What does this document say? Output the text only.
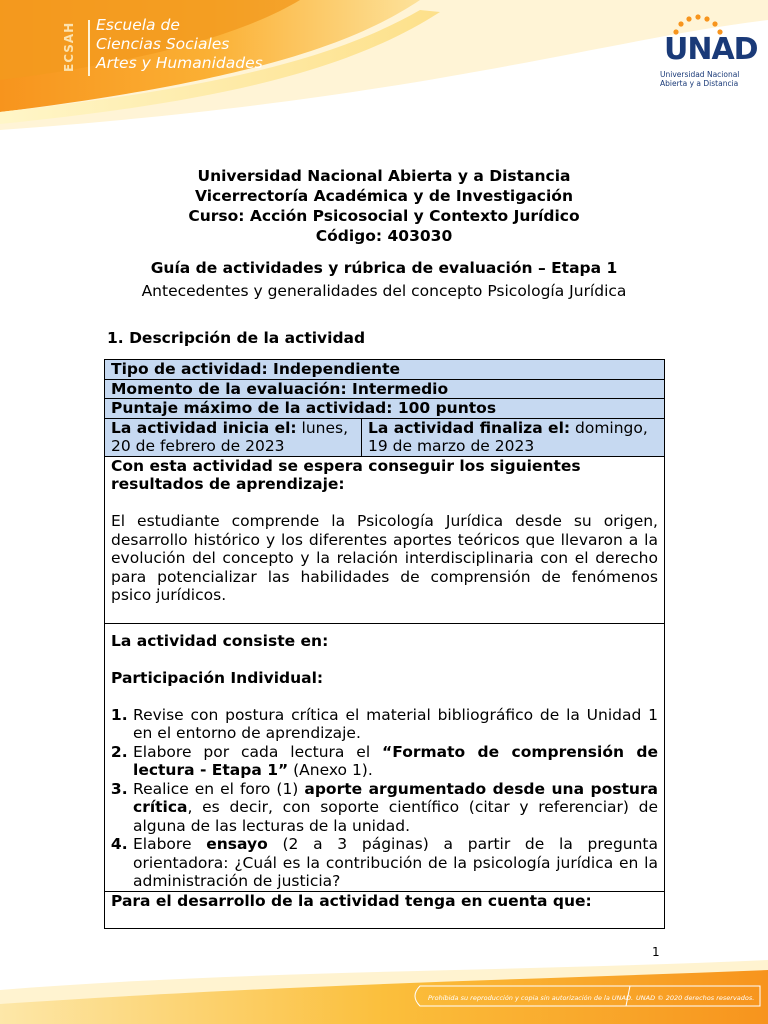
ECSAH	Escuela de
Ciencias Sociales
Artes y Humanidades	UNAD
Universidad Nacional
Abierta y a Distancia
Universidad Nacional Abierta y a Distancia
Vicerrectoría Académica y de Investigación
Curso: Acción Psicosocial y Contexto Jurídico
Código: 403030
Guía de actividades y rúbrica de evaluación – Etapa 1
Antecedentes y generalidades del concepto Psicología Jurídica
1. Descripción de la actividad
Tipo de actividad: Independiente
Momento de la evaluación: Intermedio
Puntaje máximo de la actividad: 100 puntos
La actividad inicia el: lunes, 20 de febrero de 2023	La actividad finaliza el: domingo, 19 de marzo de 2023

Con esta actividad se espera conseguir los siguientes resultados de aprendizaje:

El estudiante comprende la Psicología Jurídica desde su origen, desarrollo histórico y los diferentes aportes teóricos que llevaron a la evolución del concepto y la relación interdisciplinaria con el derecho para potencializar las habilidades de comprensión de fenómenos psico jurídicos.

La actividad consiste en:

Participación Individual:

1. Revise con postura crítica el material bibliográfico de la Unidad 1 en el entorno de aprendizaje.
2. Elabore por cada lectura el “Formato de comprensión de lectura - Etapa 1” (Anexo 1).
3. Realice en el foro (1) aporte argumentado desde una postura crítica, es decir, con soporte científico (citar y referenciar) de alguna de las lecturas de la unidad.
4. Elabore ensayo (2 a 3 páginas) a partir de la pregunta orientadora: ¿Cuál es la contribución de la psicología jurídica en la administración de justicia?

Para el desarrollo de la actividad tenga en cuenta que:
1
Prohibida su reproducción y copia sin autorización de la UNAD. UNAD © 2020 derechos reservados.
